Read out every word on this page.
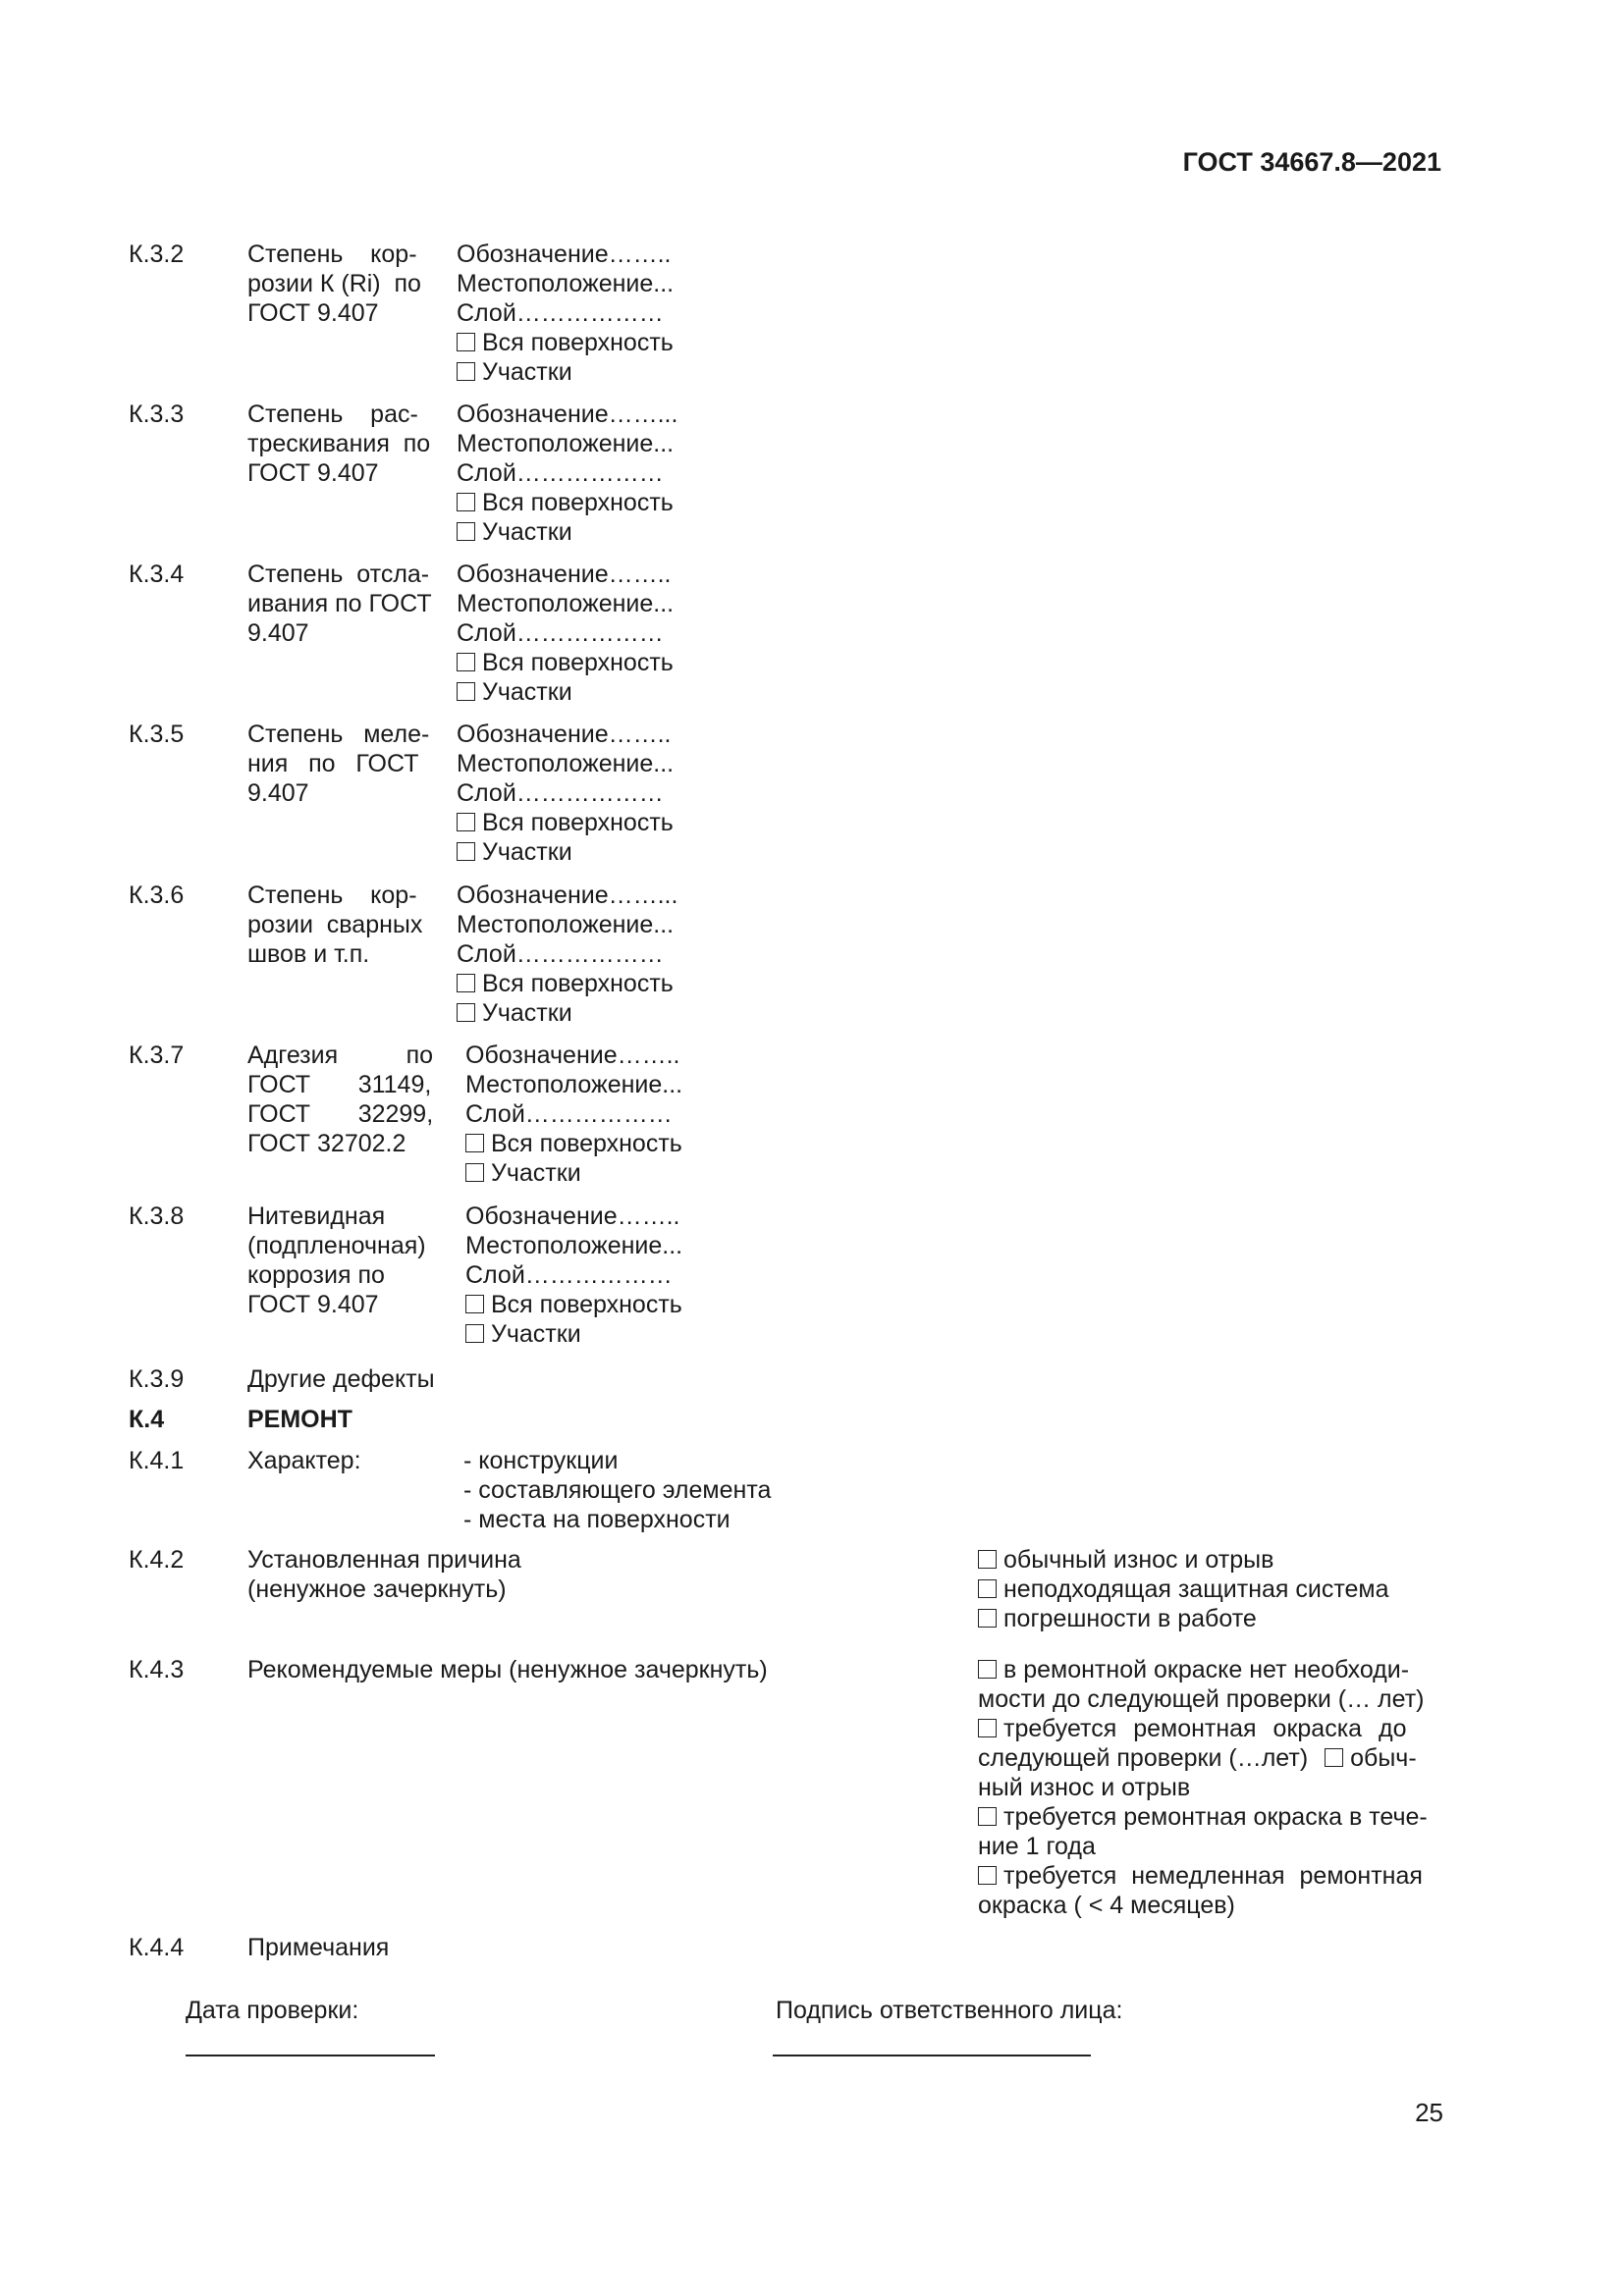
ГОСТ 34667.8—2021
К.3.2	Степень    кор-
розии К (Ri)  по
ГОСТ 9.407
Обозначение……..
Местоположение...
Слой………………
Вся поверхность
Участки
К.3.3	Степень    рас-
трескивания  по
ГОСТ 9.407
Обозначение……...
Местоположение...
Слой………………
Вся поверхность
Участки
К.3.4	Степень  отсла-
ивания по ГОСТ
9.407
Обозначение……..
Местоположение...
Слой………………
Вся поверхность
Участки
К.3.5	Степень   меле-
ния   по   ГОСТ
9.407
Обозначение……..
Местоположение...
Слой………………
Вся поверхность
Участки
К.3.6	Степень    кор-
розии  сварных
швов и т.п.
Обозначение……...
Местоположение...
Слой………………
Вся поверхность
Участки
К.3.7	Адгезия          по
ГОСТ       31149,
ГОСТ       32299,
ГОСТ 32702.2
Обозначение……..
Местоположение...
Слой………………
Вся поверхность
Участки
К.3.8	Нитевидная
(подпленочная)
коррозия по
ГОСТ 9.407
Обозначение……..
Местоположение...
Слой………………
Вся поверхность
Участки
К.3.9	Другие дефекты
К.4	РЕМОНТ
К.4.1	Характер:	- конструкции
- составляющего элемента
- места на поверхности
К.4.2	Установленная причина
(ненужное зачеркнуть)
обычный износ и отрыв
неподходящая защитная система
погрешности в работе
К.4.3	Рекомендуемые меры (ненужное зачеркнуть)	в ремонтной окраске нет необходи-
мости до следующей проверки (… лет)
требуется ремонтная окраска до
следующей проверки (…лет) обыч-
ный износ и отрыв
требуется ремонтная окраска в тече-
ние 1 года
требуется немедленная ремонтная
окраска ( < 4 месяцев)
К.4.4	Примечания
Дата проверки:	Подпись ответственного лица:
25
